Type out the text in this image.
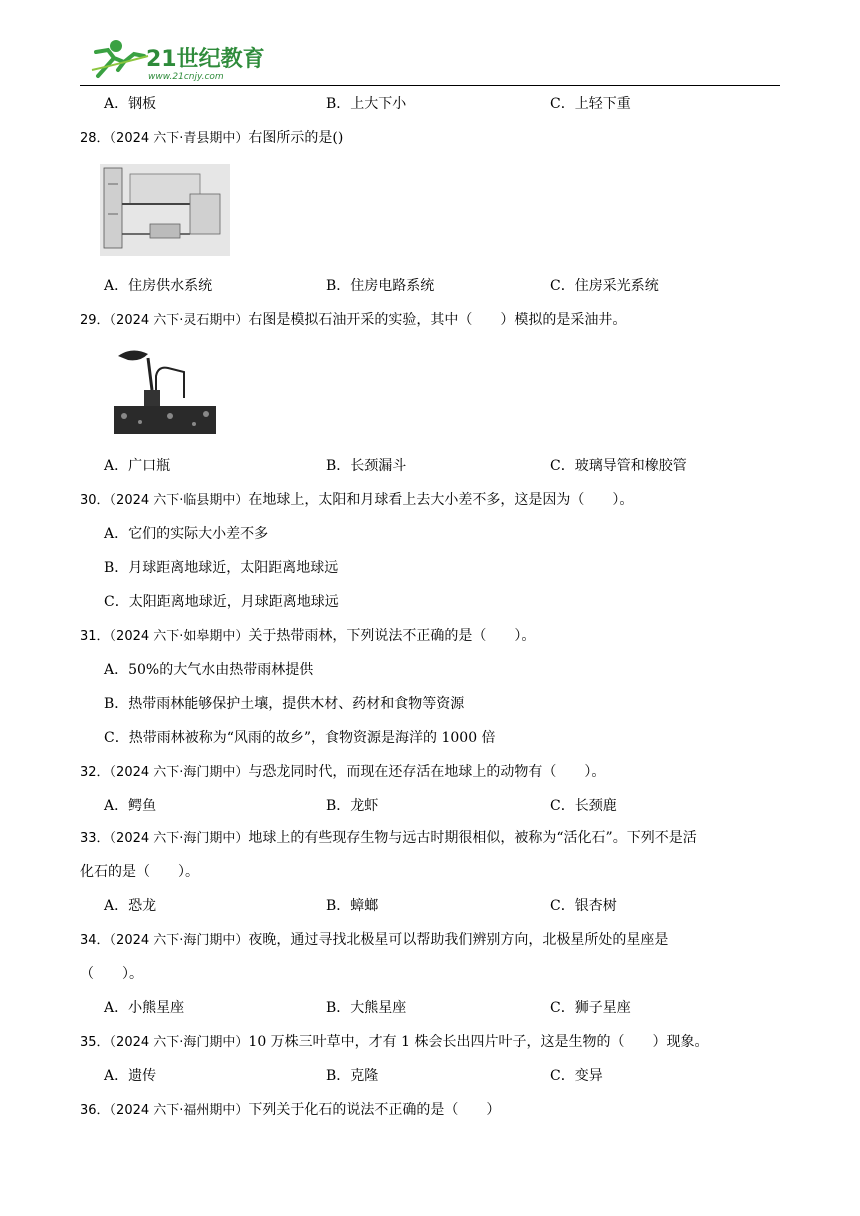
21世纪教育
www.21cnjy.com
A．钢板	B．上大下小	C．上轻下重
28．（2024 六下·青县期中）右图所示的是()
A．住房供水系统	B．住房电路系统	C．住房采光系统
29．（2024 六下·灵石期中）右图是模拟石油开采的实验，其中（　　）模拟的是采油井。
A．广口瓶	B．长颈漏斗	C．玻璃导管和橡胶管
30．（2024 六下·临县期中）在地球上，太阳和月球看上去大小差不多，这是因为（　　）。
A．它们的实际大小差不多
B．月球距离地球近，太阳距离地球远
C．太阳距离地球近，月球距离地球远
31．（2024 六下·如皋期中）关于热带雨林，下列说法不正确的是（　　）。
A．50%的大气水由热带雨林提供
B．热带雨林能够保护土壤，提供木材、药材和食物等资源
C．热带雨林被称为“风雨的故乡”，食物资源是海洋的 1000 倍
32．（2024 六下·海门期中）与恐龙同时代，而现在还存活在地球上的动物有（　　）。
A．鳄鱼	B．龙虾	C．长颈鹿
33．（2024 六下·海门期中）地球上的有些现存生物与远古时期很相似，被称为“活化石”。下列不是活
化石的是（　　）。
A．恐龙	B．蟑螂	C．银杏树
34．（2024 六下·海门期中）夜晚，通过寻找北极星可以帮助我们辨别方向，北极星所处的星座是
（　　）。
A．小熊星座	B．大熊星座	C．狮子星座
35．（2024 六下·海门期中）10 万株三叶草中，才有 1 株会长出四片叶子，这是生物的（　　）现象。
A．遗传	B．克隆	C．变异
36．（2024 六下·福州期中）下列关于化石的说法不正确的是（　　）
